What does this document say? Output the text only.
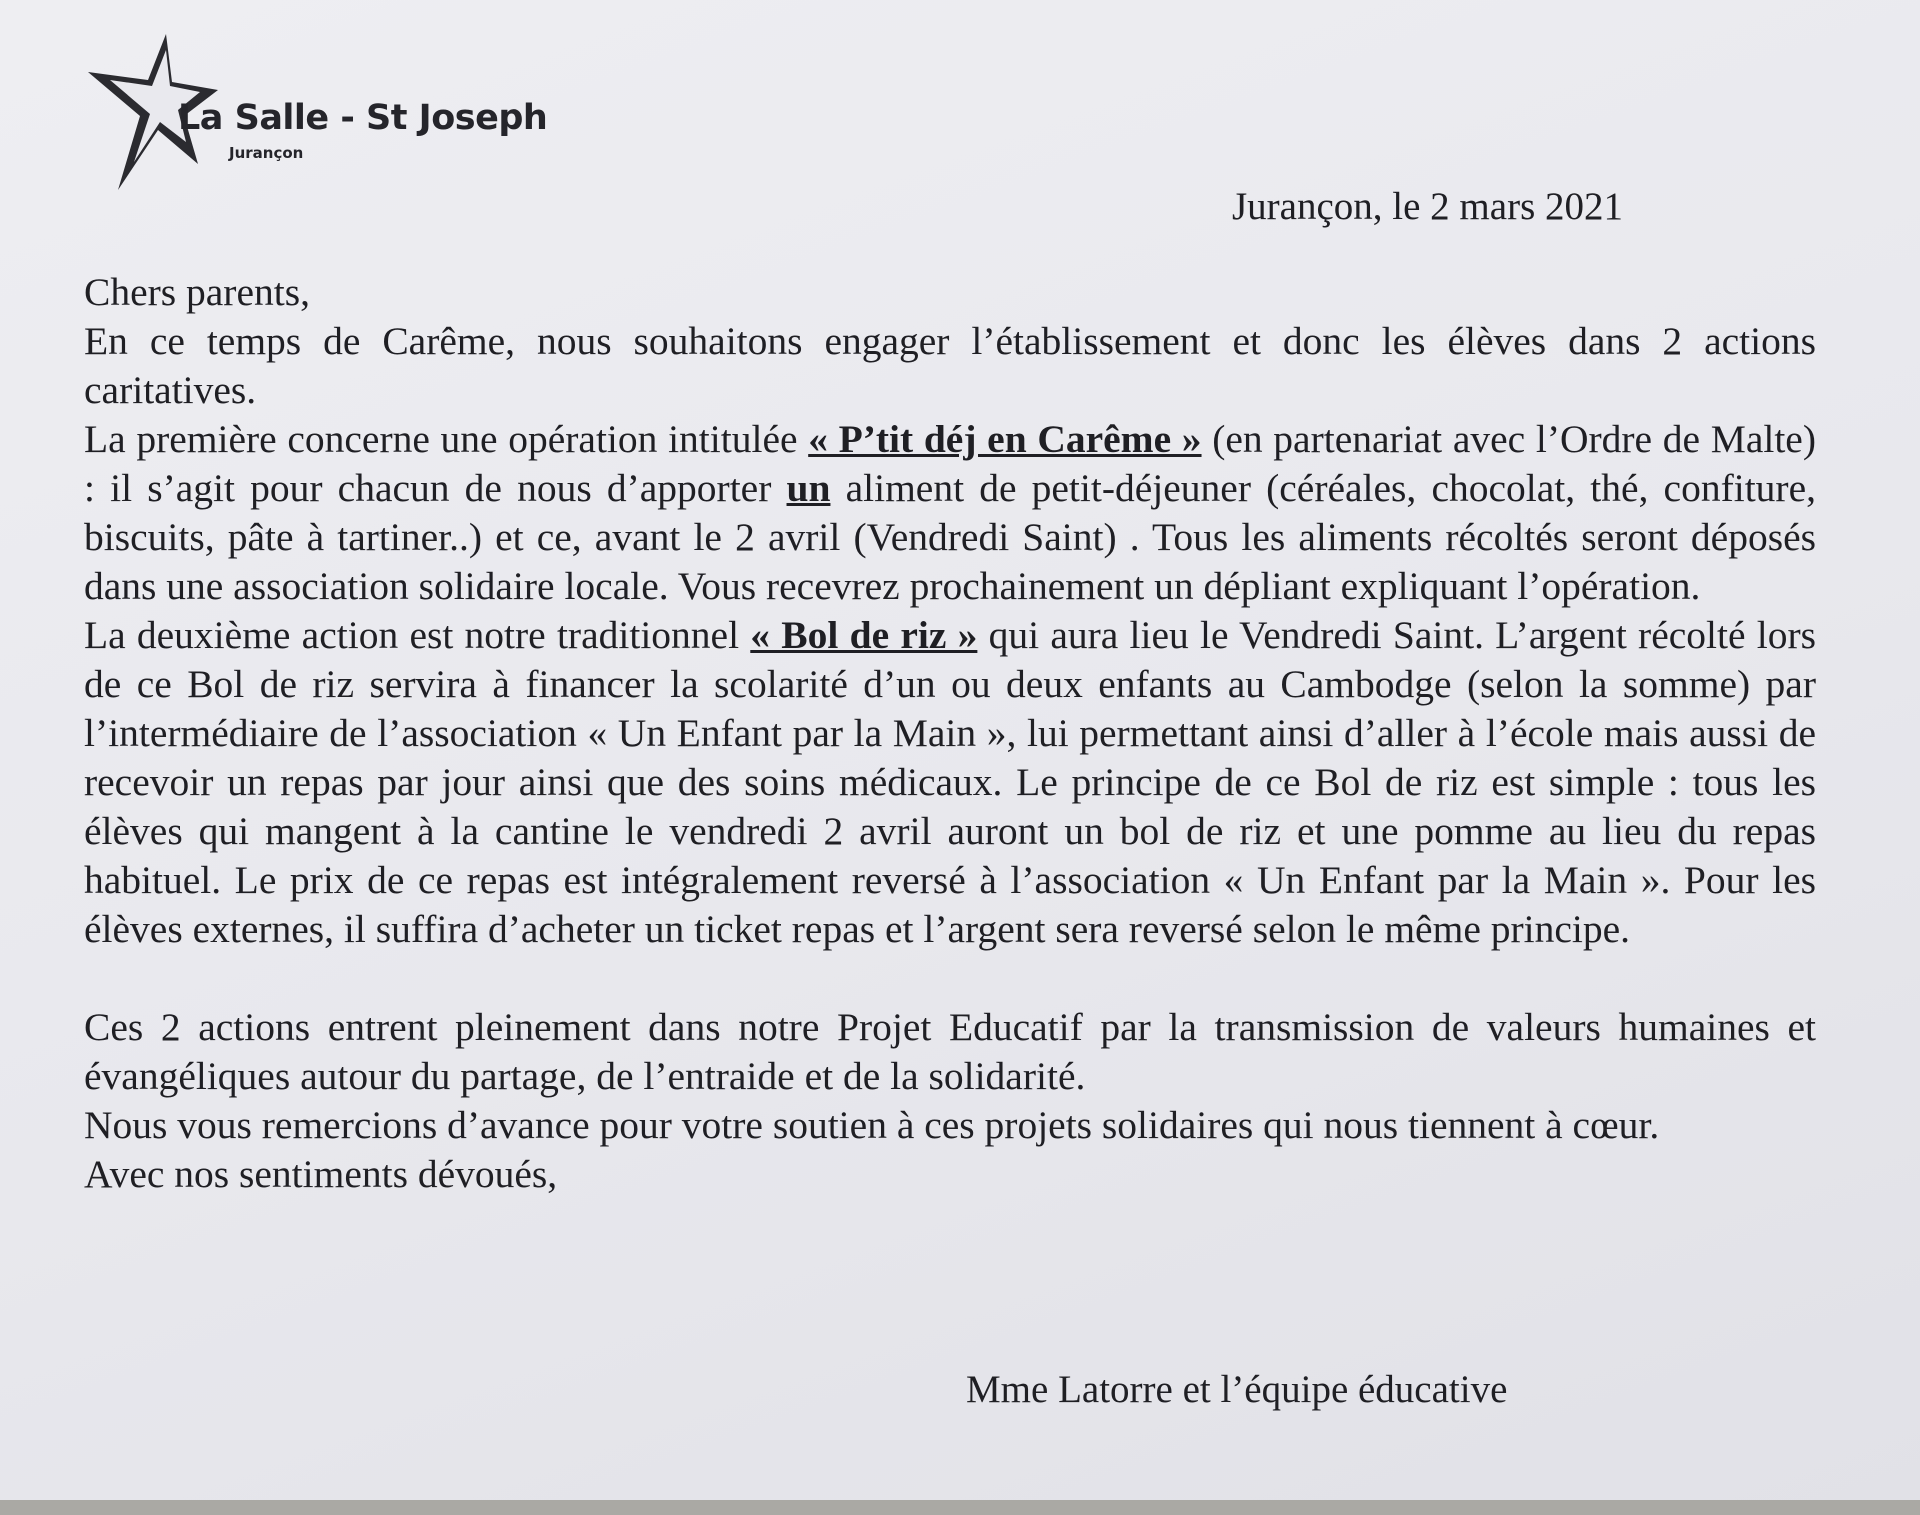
La Salle - St Joseph
Jurançon
Jurançon, le 2 mars 2021

Chers parents,

En ce temps de Carême, nous souhaitons engager l’établissement et donc les élèves dans 2 actions caritatives.

La première concerne une opération intitulée « P’tit déj en Carême » (en partenariat avec l’Ordre de Malte) : il s’agit pour chacun de nous d’apporter un aliment de petit-déjeuner (céréales, chocolat, thé, confiture, biscuits, pâte à tartiner..) et ce, avant le 2 avril (Vendredi Saint) . Tous les aliments récoltés seront déposés dans une association solidaire locale. Vous recevrez prochainement un dépliant expliquant l’opération.

La deuxième action est notre traditionnel « Bol de riz » qui aura lieu le Vendredi Saint. L’argent récolté lors de ce Bol de riz servira à financer la scolarité d’un ou deux enfants au Cambodge (selon la somme) par l’intermédiaire de l’association « Un Enfant par la Main », lui permettant ainsi d’aller à l’école mais aussi de recevoir un repas par jour ainsi que des soins médicaux. Le principe de ce Bol de riz est simple : tous les élèves qui mangent à la cantine le vendredi 2 avril auront un bol de riz et une pomme au lieu du repas habituel. Le prix de ce repas est intégralement reversé à l’association « Un Enfant par la Main ». Pour les élèves externes, il suffira d’acheter un ticket repas et l’argent sera reversé selon le même principe.

Ces 2 actions entrent pleinement dans notre Projet Educatif par la transmission de valeurs humaines et évangéliques autour du partage, de l’entraide et de la solidarité.

Nous vous remercions d’avance pour votre soutien à ces projets solidaires qui nous tiennent à cœur.

Avec nos sentiments dévoués,

Mme Latorre et l’équipe éducative
